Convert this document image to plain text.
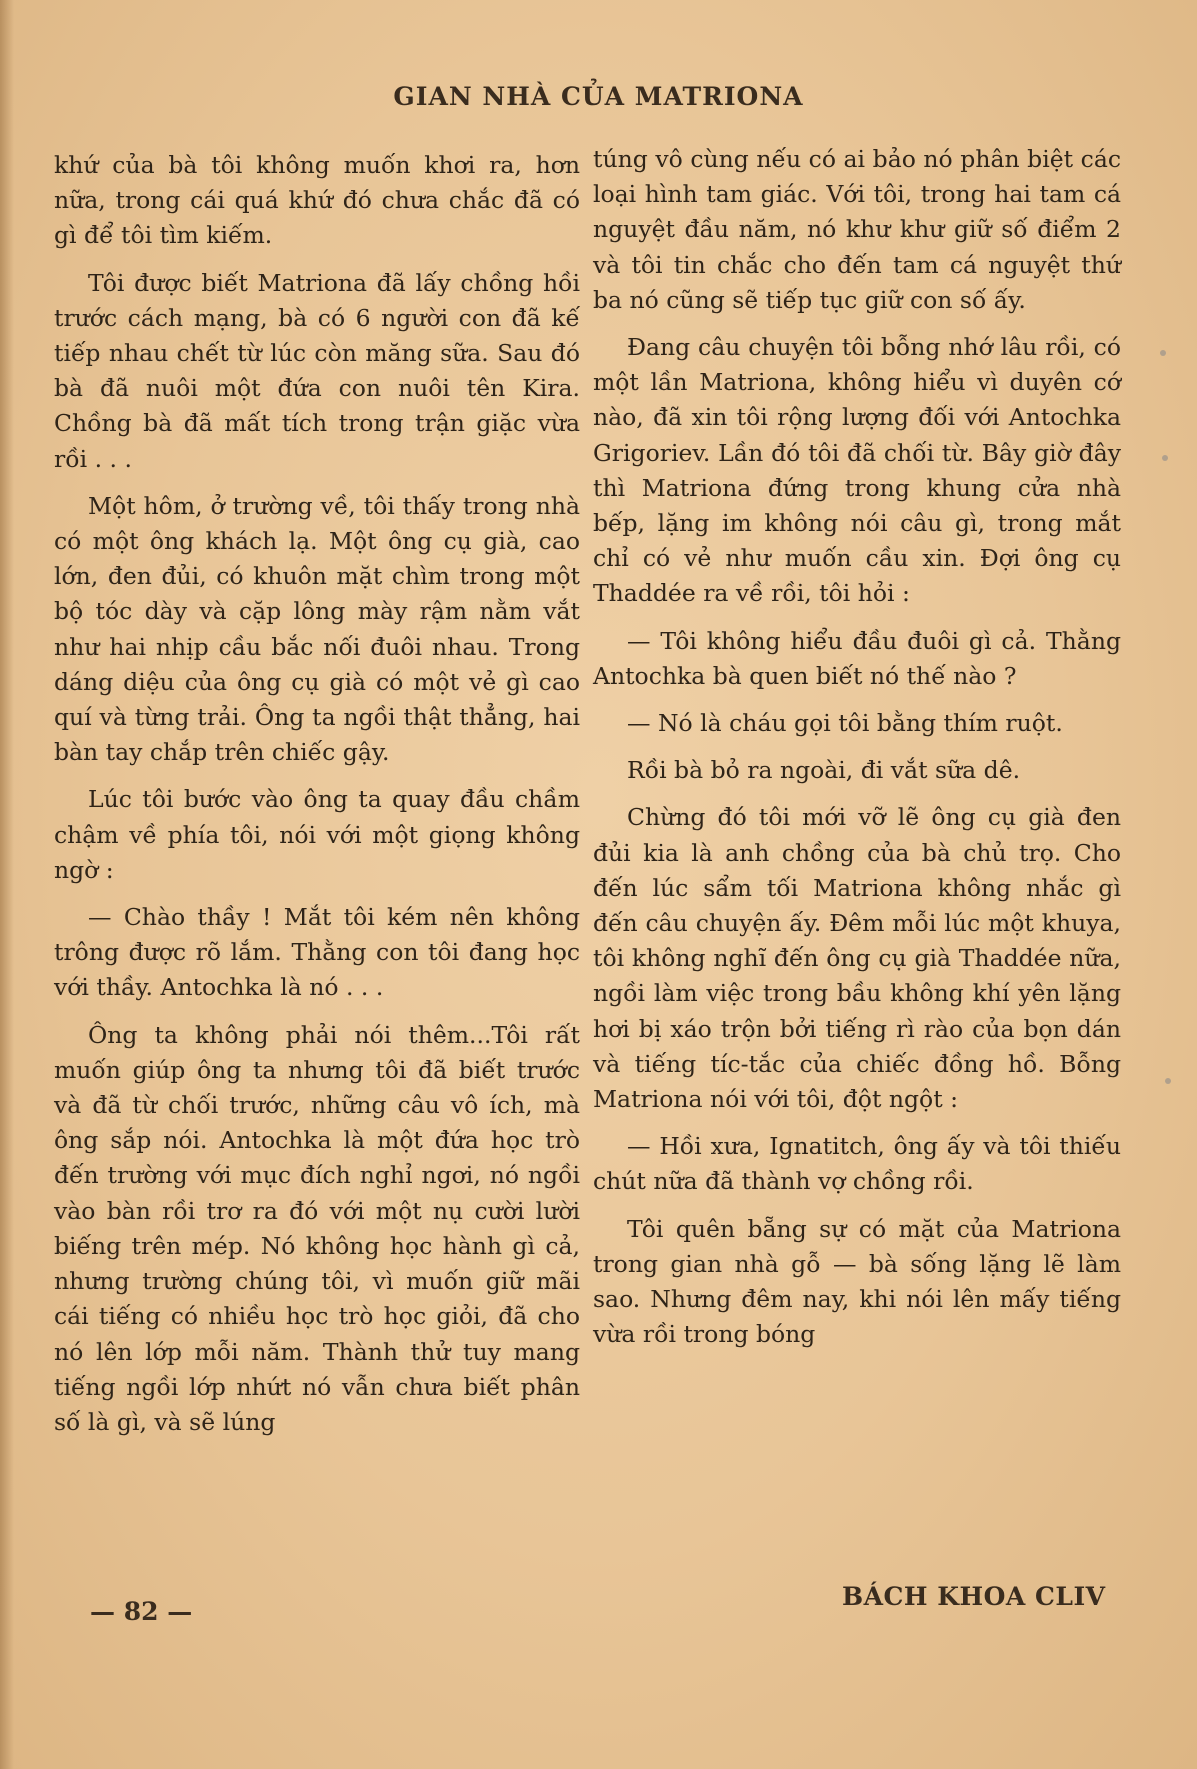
GIAN NHÀ CỦA MATRIONA

khứ của bà tôi không muốn khơi ra, hơn nữa, trong cái quá khứ đó chưa chắc đã có gì để tôi tìm kiếm.

Tôi được biết Matriona đã lấy chồng hồi trước cách mạng, bà có 6 người con đã kế tiếp nhau chết từ lúc còn măng sữa. Sau đó bà đã nuôi một đứa con nuôi tên Kira. Chồng bà đã mất tích trong trận giặc vừa rồi . . .

Một hôm, ở trường về, tôi thấy trong nhà có một ông khách lạ. Một ông cụ già, cao lớn, đen đủi, có khuôn mặt chìm trong một bộ tóc dày và cặp lông mày rậm nằm vắt như hai nhịp cầu bắc nối đuôi nhau. Trong dáng diệu của ông cụ già có một vẻ gì cao quí và từng trải. Ông ta ngồi thật thẳng, hai bàn tay chắp trên chiếc gậy.

Lúc tôi bước vào ông ta quay đầu chầm chậm về phía tôi, nói với một giọng không ngờ :

— Chào thầy ! Mắt tôi kém nên không trông được rõ lắm. Thằng con tôi đang học với thầy. Antochka là nó . . .

Ông ta không phải nói thêm...Tôi rất muốn giúp ông ta nhưng tôi đã biết trước và đã từ chối trước, những câu vô ích, mà ông sắp nói. Antochka là một đứa học trò đến trường với mục đích nghỉ ngơi, nó ngồi vào bàn rồi trơ ra đó với một nụ cười lười biếng trên mép. Nó không học hành gì cả, nhưng trường chúng tôi, vì muốn giữ mãi cái tiếng có nhiều học trò học giỏi, đã cho nó lên lớp mỗi năm. Thành thử tuy mang tiếng ngồi lớp nhứt nó vẫn chưa biết phân số là gì, và sẽ lúng

túng vô cùng nếu có ai bảo nó phân biệt các loại hình tam giác. Với tôi, trong hai tam cá nguyệt đầu năm, nó khư khư giữ số điểm 2 và tôi tin chắc cho đến tam cá nguyệt thứ ba nó cũng sẽ tiếp tục giữ con số ấy.

Đang câu chuyện tôi bỗng nhớ lâu rồi, có một lần Matriona, không hiểu vì duyên cớ nào, đã xin tôi rộng lượng đối với Antochka Grigoriev. Lần đó tôi đã chối từ. Bây giờ đây thì Matriona đứng trong khung cửa nhà bếp, lặng im không nói câu gì, trong mắt chỉ có vẻ như muốn cầu xin. Đợi ông cụ Thaddée ra về rồi, tôi hỏi :

— Tôi không hiểu đầu đuôi gì cả. Thằng Antochka bà quen biết nó thế nào ?

— Nó là cháu gọi tôi bằng thím ruột.

Rồi bà bỏ ra ngoài, đi vắt sữa dê.

Chừng đó tôi mới vỡ lẽ ông cụ già đen đủi kia là anh chồng của bà chủ trọ. Cho đến lúc sẩm tối Matriona không nhắc gì đến câu chuyện ấy. Đêm mỗi lúc một khuya, tôi không nghĩ đến ông cụ già Thaddée nữa, ngồi làm việc trong bầu không khí yên lặng hơi bị xáo trộn bởi tiếng rì rào của bọn dán và tiếng tíc-tắc của chiếc đồng hồ. Bỗng Matriona nói với tôi, đột ngột :

— Hồi xưa, Ignatitch, ông ấy và tôi thiếu chút nữa đã thành vợ chồng rồi.

Tôi quên bẵng sự có mặt của Matriona trong gian nhà gỗ — bà sống lặng lẽ làm sao. Nhưng đêm nay, khi nói lên mấy tiếng vừa rồi trong bóng

— 82 —
BÁCH KHOA CLIV
